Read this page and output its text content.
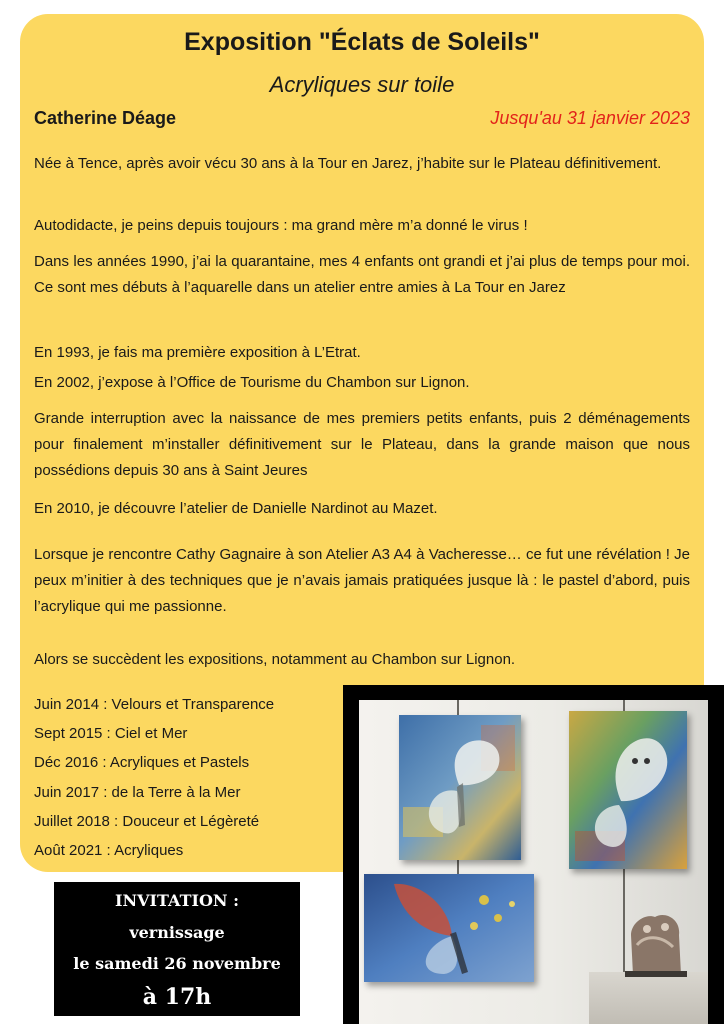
Exposition "Éclats de Soleils"
Acryliques sur toile
Catherine Déage	Jusqu'au 31 janvier 2023

Née à Tence, après avoir vécu 30 ans à la Tour en Jarez, j’habite sur le Plateau définitivement.

Autodidacte, je peins depuis toujours : ma grand mère m’a donné le virus !

Dans les années 1990, j’ai la quarantaine, mes 4 enfants ont grandi et j’ai plus de temps pour moi. Ce sont mes débuts à l’aquarelle dans un atelier entre amies à La Tour en Jarez

En 1993, je fais ma première exposition à L’Etrat.

En 2002, j’expose à l’Office de Tourisme du Chambon sur Lignon.

Grande interruption avec la naissance de mes premiers petits enfants, puis 2 déménagements pour finalement m’installer définitivement sur le Plateau, dans la grande maison que nous possédions depuis 30 ans à Saint Jeures

En 2010, je découvre l’atelier de Danielle Nardinot au Mazet.

Lorsque je rencontre Cathy Gagnaire à son Atelier A3 A4 à Vacheresse… ce fut une révélation ! Je peux m’initier à des techniques que je n’avais jamais pratiquées jusque là : le pastel d’abord, puis l’acrylique qui me passionne.

Alors se succèdent les expositions, notamment au Chambon sur Lignon.

Juin 2014 : Velours et Transparence
Sept 2015 : Ciel et Mer
Déc 2016 : Acryliques et Pastels
Juin 2017 : de la Terre à la Mer
Juillet 2018 : Douceur et Légèreté
Août 2021 : Acryliques
INVITATION :
vernissage
le samedi 26 novembre
à 17h
